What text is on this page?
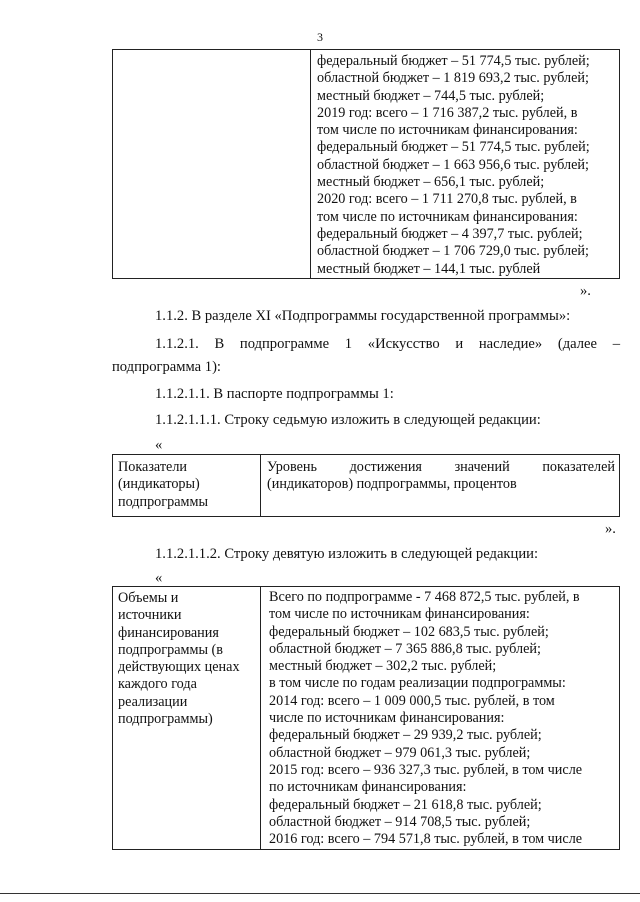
3
федеральный бюджет – 51 774,5 тыс. рублей;
областной бюджет – 1 819 693,2 тыс. рублей;
местный бюджет – 744,5 тыс. рублей;
2019 год: всего – 1 716 387,2 тыс. рублей, в
том числе по источникам финансирования:
федеральный бюджет – 51 774,5 тыс. рублей;
областной бюджет – 1 663 956,6 тыс. рублей;
местный бюджет – 656,1 тыс. рублей;
2020 год: всего – 1 711 270,8 тыс. рублей, в
том числе по источникам финансирования:
федеральный бюджет – 4 397,7 тыс. рублей;
областной бюджет – 1 706 729,0 тыс. рублей;
местный бюджет – 144,1 тыс. рублей
».
1.1.2. В разделе XI «Подпрограммы государственной программы»:
1.1.2.1. В подпрограмме 1 «Искусство и наследие» (далее –
подпрограмма 1):
1.1.2.1.1. В паспорте подпрограммы 1:
1.1.2.1.1.1. Строку седьмую изложить в следующей редакции:
«
Показатели
(индикаторы)
подпрограммы
Уровень достижения значений показателей
(индикаторов) подпрограммы, процентов
».
1.1.2.1.1.2. Строку девятую изложить в следующей редакции:
«
Объемы и
источники
финансирования
подпрограммы (в
действующих ценах
каждого года
реализации
подпрограммы)
Всего по подпрограмме - 7 468 872,5 тыс. рублей, в
том числе по источникам финансирования:
федеральный бюджет – 102 683,5 тыс. рублей;
областной бюджет – 7 365 886,8 тыс. рублей;
местный бюджет – 302,2 тыс. рублей;
в том числе по годам реализации подпрограммы:
2014 год: всего – 1 009 000,5 тыс. рублей, в том
числе по источникам финансирования:
федеральный бюджет – 29 939,2 тыс. рублей;
областной бюджет – 979 061,3 тыс. рублей;
2015 год: всего – 936 327,3 тыс. рублей, в том числе
по источникам финансирования:
федеральный бюджет – 21 618,8 тыс. рублей;
областной бюджет – 914 708,5 тыс. рублей;
2016 год: всего – 794 571,8 тыс. рублей, в том числе
